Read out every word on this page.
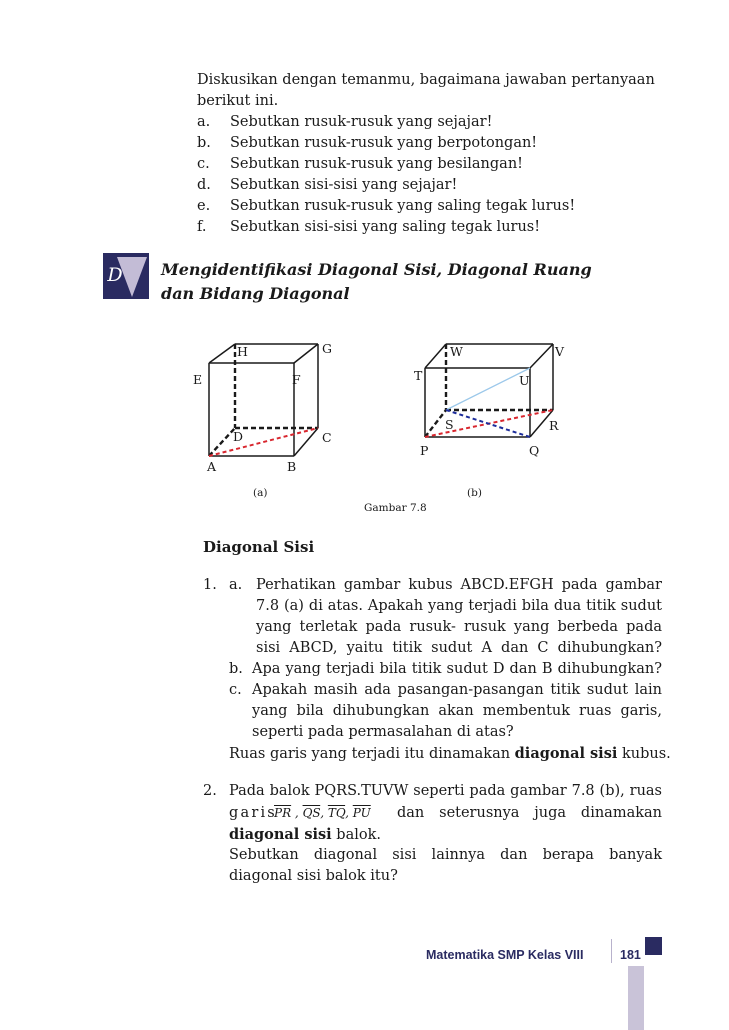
Diskusikan dengan temanmu, bagaimana jawaban pertanyaan
berikut ini.
a. Sebutkan rusuk-rusuk yang sejajar!
b. Sebutkan rusuk-rusuk yang berpotongan!
c. Sebutkan rusuk-rusuk yang besilangan!
d. Sebutkan sisi-sisi yang sejajar!
e. Sebutkan rusuk-rusuk yang saling tegak lurus!
f. Sebutkan sisi-sisi yang saling tegak lurus!
D Mengidentifikasi Diagonal Sisi, Diagonal Ruang
dan Bidang Diagonal
H	G
E	F
D	C
A	B
(a)
W	V
T	U
S	R
P	Q
(b)
Gambar 7.8
Diagonal Sisi
1. a. Perhatikan gambar kubus ABCD.EFGH pada gambar
7.8 (a) di atas. Apakah yang terjadi bila dua titik sudut
yang terletak pada rusuk- rusuk yang berbeda pada
sisi ABCD, yaitu titik sudut A dan C dihubungkan?
b. Apa yang terjadi bila titik sudut D dan B dihubungkan?
c. Apakah masih ada pasangan-pasangan titik sudut lain
yang bila dihubungkan akan membentuk ruas garis,
seperti pada permasalahan di atas?
Ruas garis yang terjadi itu dinamakan diagonal sisi kubus.
2. Pada balok PQRS.TUVW seperti pada gambar 7.8 (b), ruas
garis
$\overline{PR}$ , $\overline{QS}$, $\overline{TQ}$, $\overline{PU}$ dan seterusnya juga dinamakan
diagonal sisi balok.
Sebutkan diagonal sisi lainnya dan berapa banyak
diagonal sisi balok itu?
Matematika SMP Kelas VIII	181
